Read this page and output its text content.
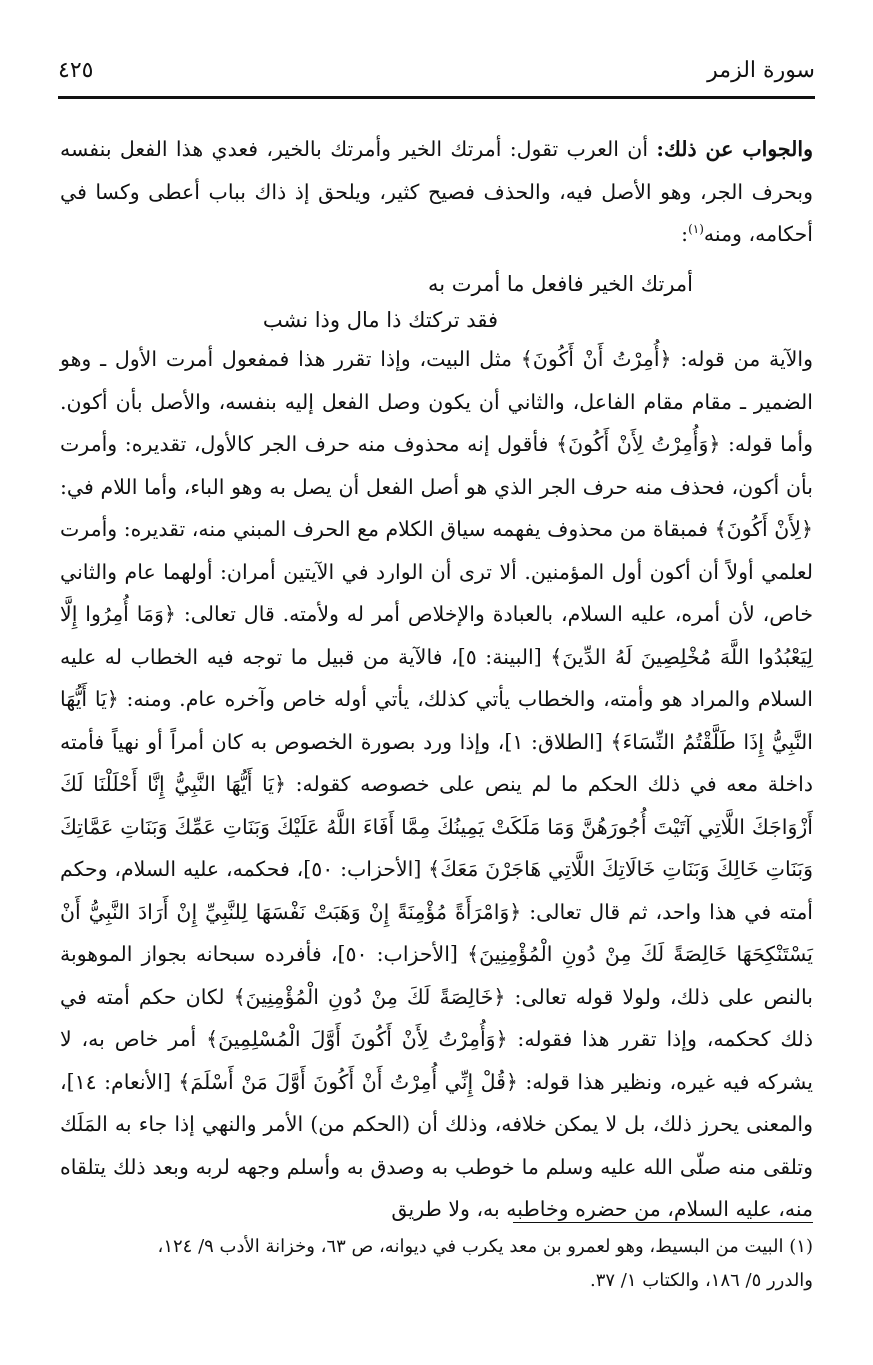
سورة الزمر
٤٢٥

والجواب عن ذلك: أن العرب تقول: أمرتك الخير وأمرتك بالخير، فعدي هذا الفعل بنفسه وبحرف الجر، وهو الأصل فيه، والحذف فصيح كثير، ويلحق إذ ذاك بباب أعطى وكسا في أحكامه، ومنه$^{(١)}$:

أمرتك الخير فافعل ما أمرت به
فقد تركتك ذا مال وذا نشب

والآية من قوله: ﴿أُمِرْتُ أَنْ أَكُونَ﴾ مثل البيت، وإذا تقرر هذا فمفعول أمرت الأول ـ وهو الضمير ـ مقام مقام الفاعل، والثاني أن يكون وصل الفعل إليه بنفسه، والأصل بأن أكون. وأما قوله: ﴿وَأُمِرْتُ لِأَنْ أَكُونَ﴾ فأقول إنه محذوف منه حرف الجر كالأول، تقديره: وأمرت بأن أكون، فحذف منه حرف الجر الذي هو أصل الفعل أن يصل به وهو الباء، وأما اللام في: ﴿لِأَنْ أَكُونَ﴾ فمبقاة من محذوف يفهمه سياق الكلام مع الحرف المبني منه، تقديره: وأمرت لعلمي أولاً أن أكون أول المؤمنين. ألا ترى أن الوارد في الآيتين أمران: أولهما عام والثاني خاص، لأن أمره، عليه السلام، بالعبادة والإخلاص أمر له ولأمته. قال تعالى: ﴿وَمَا أُمِرُوا إِلَّا لِيَعْبُدُوا اللَّهَ مُخْلِصِينَ لَهُ الدِّينَ﴾ [البينة: ٥]، فالآية من قبيل ما توجه فيه الخطاب له عليه السلام والمراد هو وأمته، والخطاب يأتي كذلك، يأتي أوله خاص وآخره عام. ومنه: ﴿يَا أَيُّهَا النَّبِيُّ إِذَا طَلَّقْتُمُ النِّسَاءَ﴾ [الطلاق: ١]، وإذا ورد بصورة الخصوص به كان أمراً أو نهياً فأمته داخلة معه في ذلك الحكم ما لم ينص على خصوصه كقوله: ﴿يَا أَيُّهَا النَّبِيُّ إِنَّا أَحْلَلْنَا لَكَ أَزْوَاجَكَ اللَّاتِي آتَيْتَ أُجُورَهُنَّ وَمَا مَلَكَتْ يَمِينُكَ مِمَّا أَفَاءَ اللَّهُ عَلَيْكَ وَبَنَاتِ عَمِّكَ وَبَنَاتِ عَمَّاتِكَ وَبَنَاتِ خَالِكَ وَبَنَاتِ خَالَاتِكَ اللَّاتِي هَاجَرْنَ مَعَكَ﴾ [الأحزاب: ٥٠]، فحكمه، عليه السلام، وحكم أمته في هذا واحد، ثم قال تعالى: ﴿وَامْرَأَةً مُؤْمِنَةً إِنْ وَهَبَتْ نَفْسَهَا لِلنَّبِيِّ إِنْ أَرَادَ النَّبِيُّ أَنْ يَسْتَنْكِحَهَا خَالِصَةً لَكَ مِنْ دُونِ الْمُؤْمِنِينَ﴾ [الأحزاب: ٥٠]، فأفرده سبحانه بجواز الموهوبة بالنص على ذلك، ولولا قوله تعالى: ﴿خَالِصَةً لَكَ مِنْ دُونِ الْمُؤْمِنِينَ﴾ لكان حكم أمته في ذلك كحكمه، وإذا تقرر هذا فقوله: ﴿وَأُمِرْتُ لِأَنْ أَكُونَ أَوَّلَ الْمُسْلِمِينَ﴾ أمر خاص به، لا يشركه فيه غيره، ونظير هذا قوله: ﴿قُلْ إِنِّي أُمِرْتُ أَنْ أَكُونَ أَوَّلَ مَنْ أَسْلَمَ﴾ [الأنعام: ١٤]، والمعنى يحرز ذلك، بل لا يمكن خلافه، وذلك أن (الحكم من) الأمر والنهي إذا جاء به المَلَك وتلقى منه صلّى الله عليه وسلم ما خوطب به وصدق به وأسلم وجهه لربه وبعد ذلك يتلقاه منه، عليه السلام، من حضره وخاطبه به، ولا طريق

(١) البيت من البسيط، وهو لعمرو بن معد يكرب في ديوانه، ص ٦٣، وخزانة الأدب ٩/ ١٢٤،

والدرر ٥/ ١٨٦، والكتاب ١/ ٣٧.
